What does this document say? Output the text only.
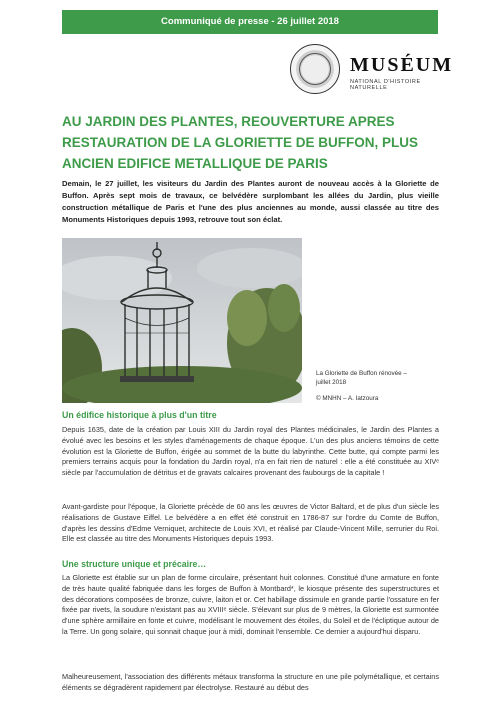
Communiqué de presse - 26 juillet 2018
MUSÉUM
NATIONAL D'HISTOIRE NATURELLE
AU JARDIN DES PLANTES, REOUVERTURE APRES RESTAURATION DE LA GLORIETTE DE BUFFON, PLUS ANCIEN EDIFICE METALLIQUE DE PARIS

Demain, le 27 juillet, les visiteurs du Jardin des Plantes auront de nouveau accès à la Gloriette de Buffon. Après sept mois de travaux, ce belvédère surplombant les allées du Jardin, plus vieille construction métallique de Paris et l'une des plus anciennes au monde, aussi classée au titre des Monuments Historiques depuis 1993, retrouve tout son éclat.

La Gloriette de Buffon rénovée –
juillet 2018
© MNHN – A. Iatzoura
Un édifice historique à plus d'un titre

Depuis 1635, date de la création par Louis XIII du Jardin royal des Plantes médicinales, le Jardin des Plantes a évolué avec les besoins et les styles d'aménagements de chaque époque. L'un des plus anciens témoins de cette évolution est la Gloriette de Buffon, érigée au sommet de la butte du labyrinthe. Cette butte, qui compte parmi les premiers terrains acquis pour la fondation du Jardin royal, n'a en fait rien de naturel : elle a été constituée au XIVᵉ siècle par l'accumulation de détritus et de gravats calcaires provenant des faubourgs de la capitale !

Avant-gardiste pour l'époque, la Gloriette précède de 60 ans les œuvres de Victor Baltard, et de plus d'un siècle les réalisations de Gustave Eiffel. Le belvédère a en effet été construit en 1786-87 sur l'ordre du Comte de Buffon, d'après les dessins d'Edme Verniquet, architecte de Louis XVI, et réalisé par Claude-Vincent Mille, serrurier du Roi. Elle est classée au titre des Monuments Historiques depuis 1993.

Une structure unique et précaire…

La Gloriette est établie sur un plan de forme circulaire, présentant huit colonnes. Constitué d'une armature en fonte de très haute qualité fabriquée dans les forges de Buffon à Montbard*, le kiosque présente des superstructures et des décorations composées de bronze, cuivre, laiton et or. Cet habillage dissimule en grande partie l'ossature en fer fixée par rivets, la soudure n'existant pas au XVIIIᵉ siècle. S'élevant sur plus de 9 mètres, la Gloriette est surmontée d'une sphère armillaire en fonte et cuivre, modélisant le mouvement des étoiles, du Soleil et de l'écliptique autour de la Terre. Un gong solaire, qui sonnait chaque jour à midi, dominait l'ensemble. Ce dernier a aujourd'hui disparu.

Malheureusement, l'association des différents métaux transforma la structure en une pile polymétallique, et certains éléments se dégradèrent rapidement par électrolyse. Restauré au début des
